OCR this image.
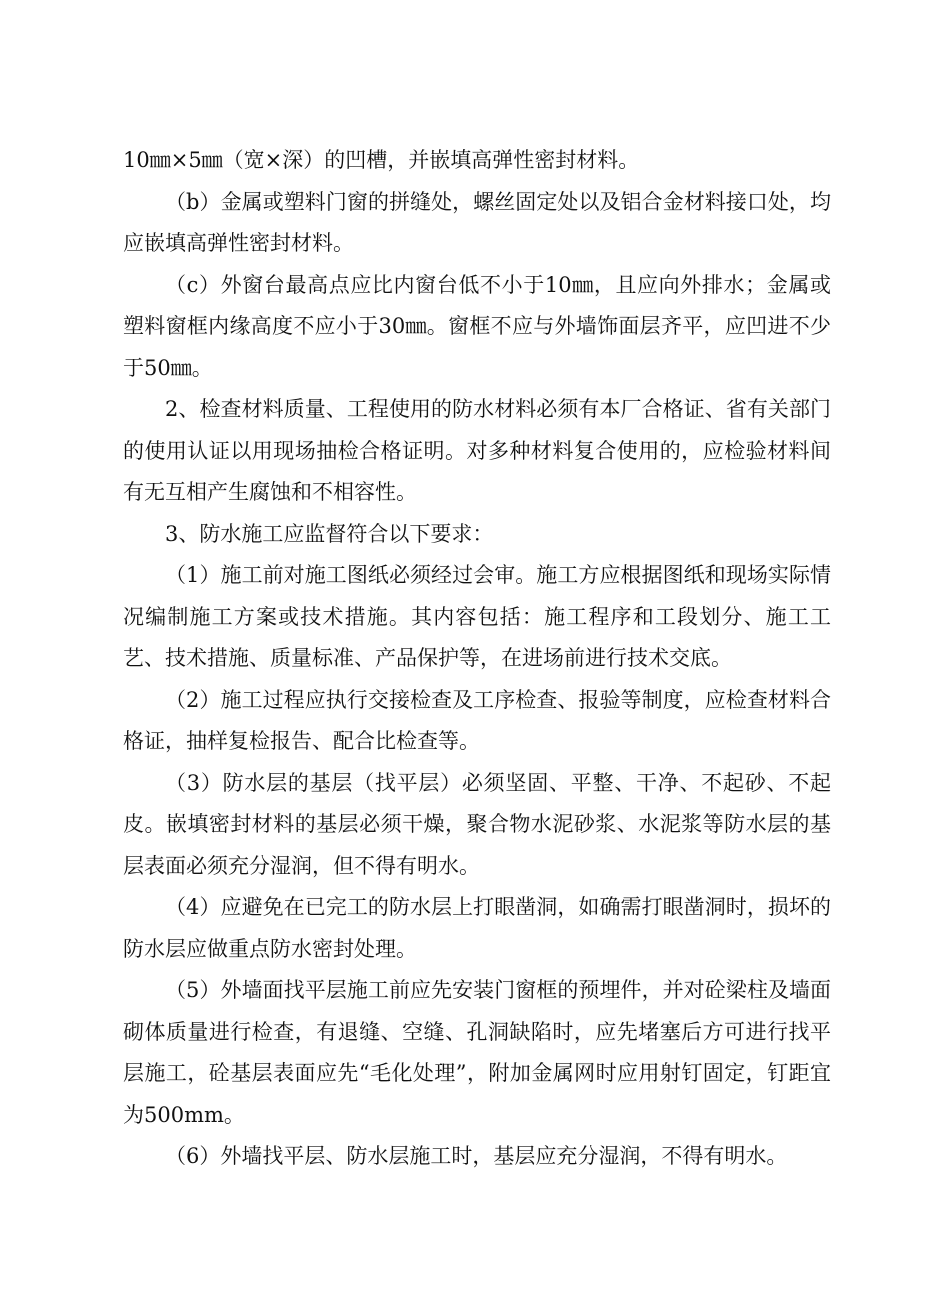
10㎜×5㎜（宽×深）的凹槽，并嵌填高弹性密封材料。

（b）金属或塑料门窗的拼缝处，螺丝固定处以及铝合金材料接口处，均应嵌填高弹性密封材料。

（c）外窗台最高点应比内窗台低不小于10㎜，且应向外排水；金属或塑料窗框内缘高度不应小于30㎜。窗框不应与外墙饰面层齐平，应凹进不少于50㎜。

2、检查材料质量、工程使用的防水材料必须有本厂合格证、省有关部门的使用认证以用现场抽检合格证明。对多种材料复合使用的，应检验材料间有无互相产生腐蚀和不相容性。

3、防水施工应监督符合以下要求：

（1）施工前对施工图纸必须经过会审。施工方应根据图纸和现场实际情况编制施工方案或技术措施。其内容包括：施工程序和工段划分、施工工艺、技术措施、质量标准、产品保护等，在进场前进行技术交底。

（2）施工过程应执行交接检查及工序检查、报验等制度，应检查材料合格证，抽样复检报告、配合比检查等。

（3）防水层的基层（找平层）必须坚固、平整、干净、不起砂、不起皮。嵌填密封材料的基层必须干燥，聚合物水泥砂浆、水泥浆等防水层的基层表面必须充分湿润，但不得有明水。

（4）应避免在已完工的防水层上打眼凿洞，如确需打眼凿洞时，损坏的防水层应做重点防水密封处理。

（5）外墙面找平层施工前应先安装门窗框的预埋件，并对砼梁柱及墙面砌体质量进行检查，有退缝、空缝、孔洞缺陷时，应先堵塞后方可进行找平层施工，砼基层表面应先“毛化处理”，附加金属网时应用射钉固定，钉距宜为500mm。

（6）外墙找平层、防水层施工时，基层应充分湿润，不得有明水。
